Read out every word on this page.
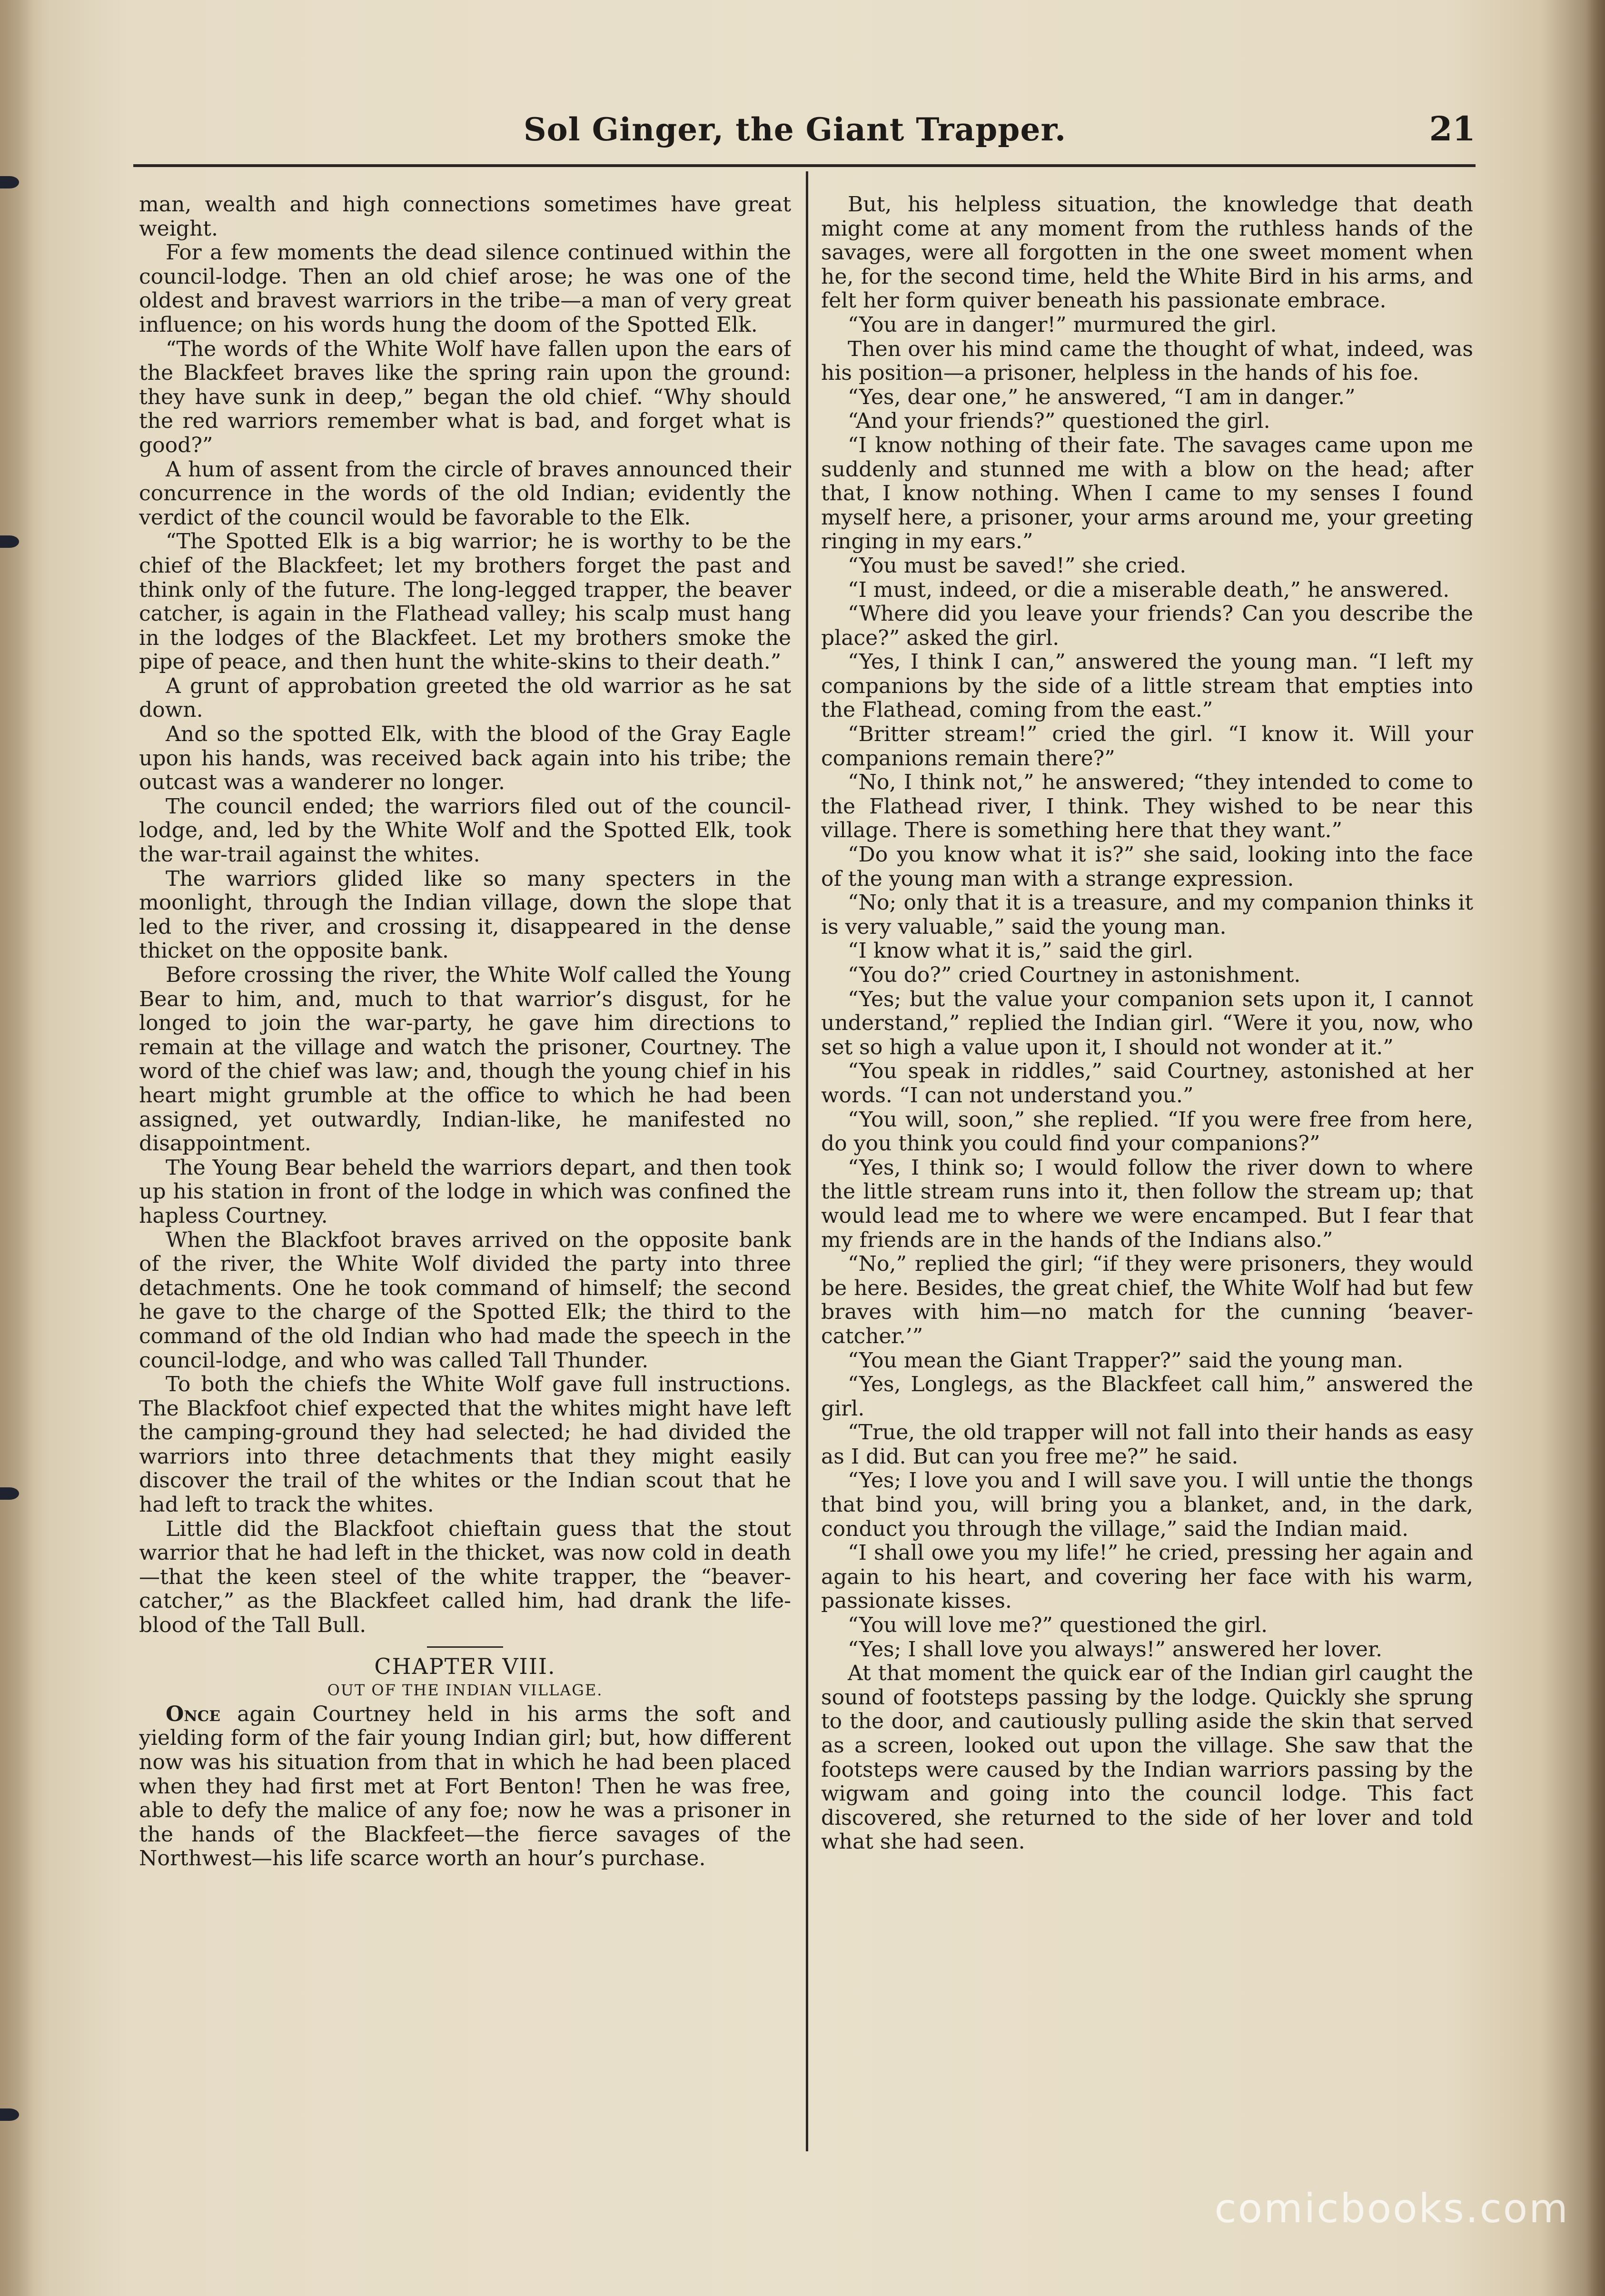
Sol Ginger, the Giant Trapper.	21

man, wealth and high connections sometimes have great weight.

For a few moments the dead silence continued within the council-lodge. Then an old chief arose; he was one of the oldest and bravest warriors in the tribe—a man of very great influence; on his words hung the doom of the Spotted Elk.

“The words of the White Wolf have fallen upon the ears of the Blackfeet braves like the spring rain upon the ground: they have sunk in deep,” began the old chief. “Why should the red warriors remember what is bad, and forget what is good?”

A hum of assent from the circle of braves announced their concurrence in the words of the old Indian; evidently the verdict of the council would be favorable to the Elk.

“The Spotted Elk is a big warrior; he is worthy to be the chief of the Blackfeet; let my brothers forget the past and think only of the future. The long-legged trapper, the beaver catcher, is again in the Flathead valley; his scalp must hang in the lodges of the Blackfeet. Let my brothers smoke the pipe of peace, and then hunt the white-skins to their death.”

A grunt of approbation greeted the old warrior as he sat down.

And so the spotted Elk, with the blood of the Gray Eagle upon his hands, was received back again into his tribe; the outcast was a wanderer no longer.

The council ended; the warriors filed out of the council-lodge, and, led by the White Wolf and the Spotted Elk, took the war-trail against the whites.

The warriors glided like so many specters in the moonlight, through the Indian village, down the slope that led to the river, and crossing it, disappeared in the dense thicket on the opposite bank.

Before crossing the river, the White Wolf called the Young Bear to him, and, much to that warrior’s disgust, for he longed to join the war-party, he gave him directions to remain at the village and watch the prisoner, Courtney. The word of the chief was law; and, though the young chief in his heart might grumble at the office to which he had been assigned, yet outwardly, Indian-like, he manifested no disappointment.

The Young Bear beheld the warriors depart, and then took up his station in front of the lodge in which was confined the hapless Courtney.

When the Blackfoot braves arrived on the opposite bank of the river, the White Wolf divided the party into three detachments. One he took command of himself; the second he gave to the charge of the Spotted Elk; the third to the command of the old Indian who had made the speech in the council-lodge, and who was called Tall Thunder.

To both the chiefs the White Wolf gave full instructions. The Blackfoot chief expected that the whites might have left the camping-ground they had selected; he had divided the warriors into three detachments that they might easily discover the trail of the whites or the Indian scout that he had left to track the whites.

Little did the Blackfoot chieftain guess that the stout warrior that he had left in the thicket, was now cold in death—that the keen steel of the white trapper, the “beaver-catcher,” as the Blackfeet called him, had drank the life-blood of the Tall Bull.

CHAPTER VIII.

OUT OF THE INDIAN VILLAGE.

Once again Courtney held in his arms the soft and yielding form of the fair young Indian girl; but, how different now was his situation from that in which he had been placed when they had first met at Fort Benton! Then he was free, able to defy the malice of any foe; now he was a prisoner in the hands of the Blackfeet—the fierce savages of the Northwest—his life scarce worth an hour’s purchase.

But, his helpless situation, the knowledge that death might come at any moment from the ruthless hands of the savages, were all forgotten in the one sweet moment when he, for the second time, held the White Bird in his arms, and felt her form quiver beneath his passionate embrace.

“You are in danger!” murmured the girl.

Then over his mind came the thought of what, indeed, was his position—a prisoner, helpless in the hands of his foe.

“Yes, dear one,” he answered, “I am in danger.”

“And your friends?” questioned the girl.

“I know nothing of their fate. The savages came upon me suddenly and stunned me with a blow on the head; after that, I know nothing. When I came to my senses I found myself here, a prisoner, your arms around me, your greeting ringing in my ears.”

“You must be saved!” she cried.

“I must, indeed, or die a miserable death,” he answered.

“Where did you leave your friends? Can you describe the place?” asked the girl.

“Yes, I think I can,” answered the young man. “I left my companions by the side of a little stream that empties into the Flathead, coming from the east.”

“Britter stream!” cried the girl. “I know it. Will your companions remain there?”

“No, I think not,” he answered; “they intended to come to the Flathead river, I think. They wished to be near this village. There is something here that they want.”

“Do you know what it is?” she said, looking into the face of the young man with a strange expression.

“No; only that it is a treasure, and my companion thinks it is very valuable,” said the young man.

“I know what it is,” said the girl.

“You do?” cried Courtney in astonishment.

“Yes; but the value your companion sets upon it, I cannot understand,” replied the Indian girl. “Were it you, now, who set so high a value upon it, I should not wonder at it.”

“You speak in riddles,” said Courtney, astonished at her words. “I can not understand you.”

“You will, soon,” she replied. “If you were free from here, do you think you could find your companions?”

“Yes, I think so; I would follow the river down to where the little stream runs into it, then follow the stream up; that would lead me to where we were encamped. But I fear that my friends are in the hands of the Indians also.”

“No,” replied the girl; “if they were prisoners, they would be here. Besides, the great chief, the White Wolf had but few braves with him—no match for the cunning ‘beaver-catcher.’”

“You mean the Giant Trapper?” said the young man.

“Yes, Longlegs, as the Blackfeet call him,” answered the girl.

“True, the old trapper will not fall into their hands as easy as I did. But can you free me?” he said.

“Yes; I love you and I will save you. I will untie the thongs that bind you, will bring you a blanket, and, in the dark, conduct you through the village,” said the Indian maid.

“I shall owe you my life!” he cried, pressing her again and again to his heart, and covering her face with his warm, passionate kisses.

“You will love me?” questioned the girl.

“Yes; I shall love you always!” answered her lover.

At that moment the quick ear of the Indian girl caught the sound of footsteps passing by the lodge. Quickly she sprung to the door, and cautiously pulling aside the skin that served as a screen, looked out upon the village. She saw that the footsteps were caused by the Indian warriors passing by the wigwam and going into the council lodge. This fact discovered, she returned to the side of her lover and told what she had seen.

comicbooks.com
